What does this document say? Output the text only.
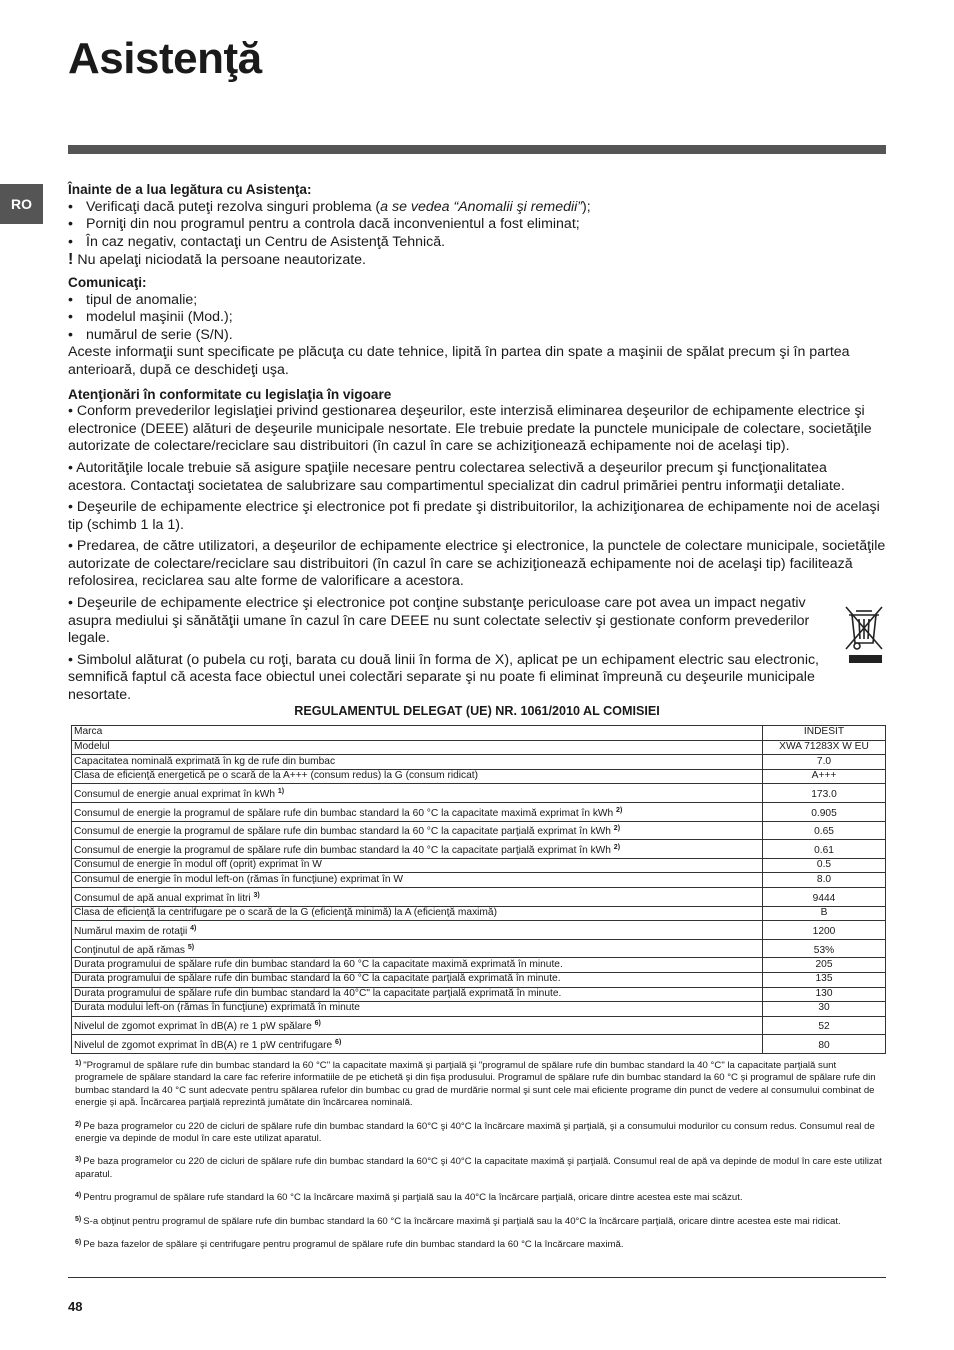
Asistenţă
RO
Înainte de a lua legătura cu Asistenţa:
• Verificaţi dacă puteţi rezolva singuri problema (a se vedea “Anomalii şi remedii”);
• Porniţi din nou programul pentru a controla dacă inconvenientul a fost eliminat;
• În caz negativ, contactaţi un Centru de Asistenţă Tehnică.
! Nu apelaţi niciodată la persoane neautorizate.
Comunicaţi:
• tipul de anomalie;
• modelul maşinii (Mod.);
• numărul de serie (S/N).
Aceste informaţii sunt specificate pe plăcuţa cu date tehnice, lipită în partea din spate a maşinii de spălat precum şi în partea anterioară, după ce deschideţi uşa.
Atenţionări în conformitate cu legislaţia în vigoare
• Conform prevederilor legislaţiei privind gestionarea deşeurilor, este interzisă eliminarea deşeurilor de echipamente electrice şi electronice (DEEE) alături de deşeurile municipale nesortate. Ele trebuie predate la punctele municipale de colectare, societăţile autorizate de colectare/reciclare sau distribuitori (în cazul în care se achiziţionează echipamente noi de acelaşi tip).
• Autorităţile locale trebuie să asigure spaţiile necesare pentru colectarea selectivă a deşeurilor precum şi funcţionalitatea acestora. Contactaţi societatea de salubrizare sau compartimentul specializat din cadrul primăriei pentru informaţii detaliate.
• Deşeurile de echipamente electrice şi electronice pot fi predate şi distribuitorilor, la achiziţionarea de echipamente noi de acelaşi tip (schimb 1 la 1).
• Predarea, de către utilizatori, a deşeurilor de echipamente electrice şi electronice, la punctele de colectare municipale, societăţile autorizate de colectare/reciclare sau distribuitori (în cazul în care se achiziţionează echipamente noi de acelaşi tip) facilitează refolosirea, reciclarea sau alte forme de valorificare a acestora.
• Deşeurile de echipamente electrice şi electronice pot conţine substanţe periculoase care pot avea un impact negativ asupra mediului şi sănătăţii umane în cazul în care DEEE nu sunt colectate selectiv şi gestionate conform prevederilor legale.
• Simbolul alăturat (o pubela cu roţi, barata cu două linii în forma de X), aplicat pe un echipament electric sau electronic, semnifică faptul că acesta face obiectul unei colectări separate şi nu poate fi eliminat împreună cu deşeurile municipale nesortate.
REGULAMENTUL DELEGAT (UE) NR. 1061/2010 AL COMISIEI
Marca	INDESIT
Modelul	XWA 71283X W EU
Capacitatea nominală exprimată în kg de rufe din bumbac	7.0
Clasa de eficienţă energetică pe o scară de la A+++ (consum redus) la G (consum ridicat)	A+++
Consumul de energie anual exprimat în kWh $^{1)}$	173.0
Consumul de energie la programul de spălare rufe din bumbac standard la 60 °C la capacitate maximă exprimat în kWh $^{2)}$	0.905
Consumul de energie la programul de spălare rufe din bumbac standard la 60 °C la capacitate parţială exprimat în kWh $^{2)}$	0.65
Consumul de energie la programul de spălare rufe din bumbac standard la 40 °C la capacitate parţială exprimat în kWh $^{2)}$	0.61
Consumul de energie în modul off (oprit) exprimat în W	0.5
Consumul de energie în modul left-on (rămas în funcţiune) exprimat în W	8.0
Consumul de apă anual exprimat în litri $^{3)}$	9444
Clasa de eficienţă la centrifugare pe o scară de la G (eficienţă minimă) la A (eficienţă maximă)	B
Numărul maxim de rotaţii $^{4)}$	1200
Conţinutul de apă rămas $^{5)}$	53%
Durata programului de spălare rufe din bumbac standard la 60 °C la capacitate maximă exprimată în minute.	205
Durata programului de spălare rufe din bumbac standard la 60 °C la capacitate parţială exprimată în minute.	135
Durata programului de spălare rufe din bumbac standard la 40°C" la capacitate parţială exprimată în minute.	130
Durata modului left-on (rămas în funcţiune) exprimată în minute	30
Nivelul de zgomot exprimat în dB(A) re 1 pW spălare $^{6)}$	52
Nivelul de zgomot exprimat în dB(A) re 1 pW centrifugare $^{6)}$	80
$^{1)}$ "Programul de spălare rufe din bumbac standard la 60 °C" la capacitate maximă şi parţială şi "programul de spălare rufe din bumbac standard la 40 °C" la capacitate parţială sunt programele de spălare standard la care fac referire informatiile de pe etichetă şi din fişa produsului. Programul de spălare rufe din bumbac standard la 60 °C şi programul de spălare rufe din bumbac standard la 40 °C sunt adecvate pentru spălarea rufelor din bumbac cu grad de murdărie normal şi sunt cele mai eficiente programe din punct de vedere al consumului combinat de energie şi apă. Încărcarea parţială reprezintă jumătate din încărcarea nominală.
$^{2)}$ Pe baza programelor cu 220 de cicluri de spălare rufe din bumbac standard la 60°C şi 40°C la încărcare maximă şi parţială, şi a consumului modurilor cu consum redus. Consumul real de energie va depinde de modul în care este utilizat aparatul.
$^{3)}$ Pe baza programelor cu 220 de cicluri de spălare rufe din bumbac standard la 60°C şi 40°C la capacitate maximă şi parţială. Consumul real de apă va depinde de modul în care este utilizat aparatul.
$^{4)}$ Pentru programul de spălare rufe standard la 60 °C la încărcare maximă şi parţială sau la 40°C la încărcare parţială, oricare dintre acestea este mai scăzut.
$^{5)}$ S-a obţinut pentru programul de spălare rufe din bumbac standard la 60 °C la încărcare maximă şi parţială sau la 40°C la încărcare parţială, oricare dintre acestea este mai ridicat.
$^{6)}$ Pe baza fazelor de spălare şi centrifugare pentru programul de spălare rufe din bumbac standard la 60 °C la încărcare maximă.
48
